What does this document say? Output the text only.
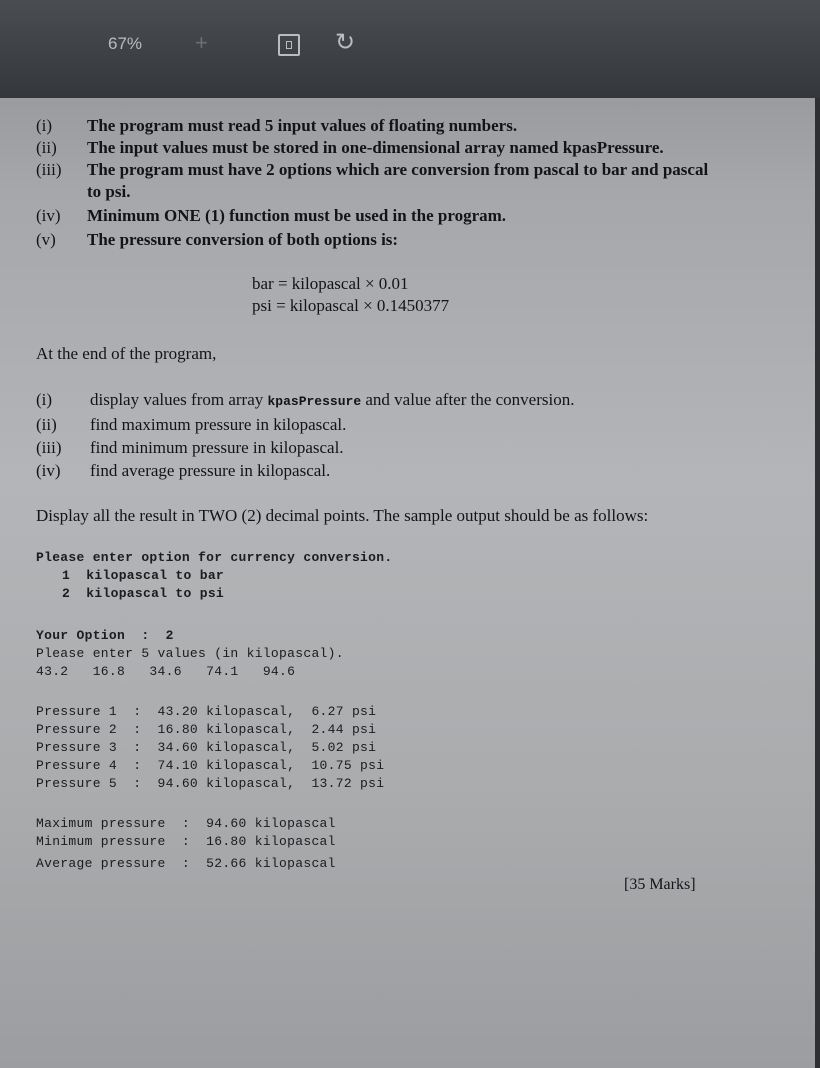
67% +	↻
(i)	The program must read 5 input values of floating numbers.
(ii)	The input values must be stored in one-dimensional array named kpasPressure.
(iii)	The program must have 2 options which are conversion from pascal to bar and pascal
to psi.
(iv)	Minimum ONE (1) function must be used in the program.
(v)	The pressure conversion of both options is:
bar = kilopascal × 0.01
psi = kilopascal × 0.1450377
At the end of the program,
(i) display values from array kpasPressure and value after the conversion.
(ii) find maximum pressure in kilopascal.
(iii) find minimum pressure in kilopascal.
(iv) find average pressure in kilopascal.
Display all the result in TWO (2) decimal points. The sample output should be as follows:
Please enter option for currency conversion.
1  kilopascal to bar
2  kilopascal to psi
Your Option  :  2
Please enter 5 values (in kilopascal).
43.2   16.8   34.6   74.1   94.6
Pressure 1  :  43.20 kilopascal,  6.27 psi
Pressure 2  :  16.80 kilopascal,  2.44 psi
Pressure 3  :  34.60 kilopascal,  5.02 psi
Pressure 4  :  74.10 kilopascal,  10.75 psi
Pressure 5  :  94.60 kilopascal,  13.72 psi
Maximum pressure  :  94.60 kilopascal
Minimum pressure  :  16.80 kilopascal
Average pressure  :  52.66 kilopascal
[35 Marks]
